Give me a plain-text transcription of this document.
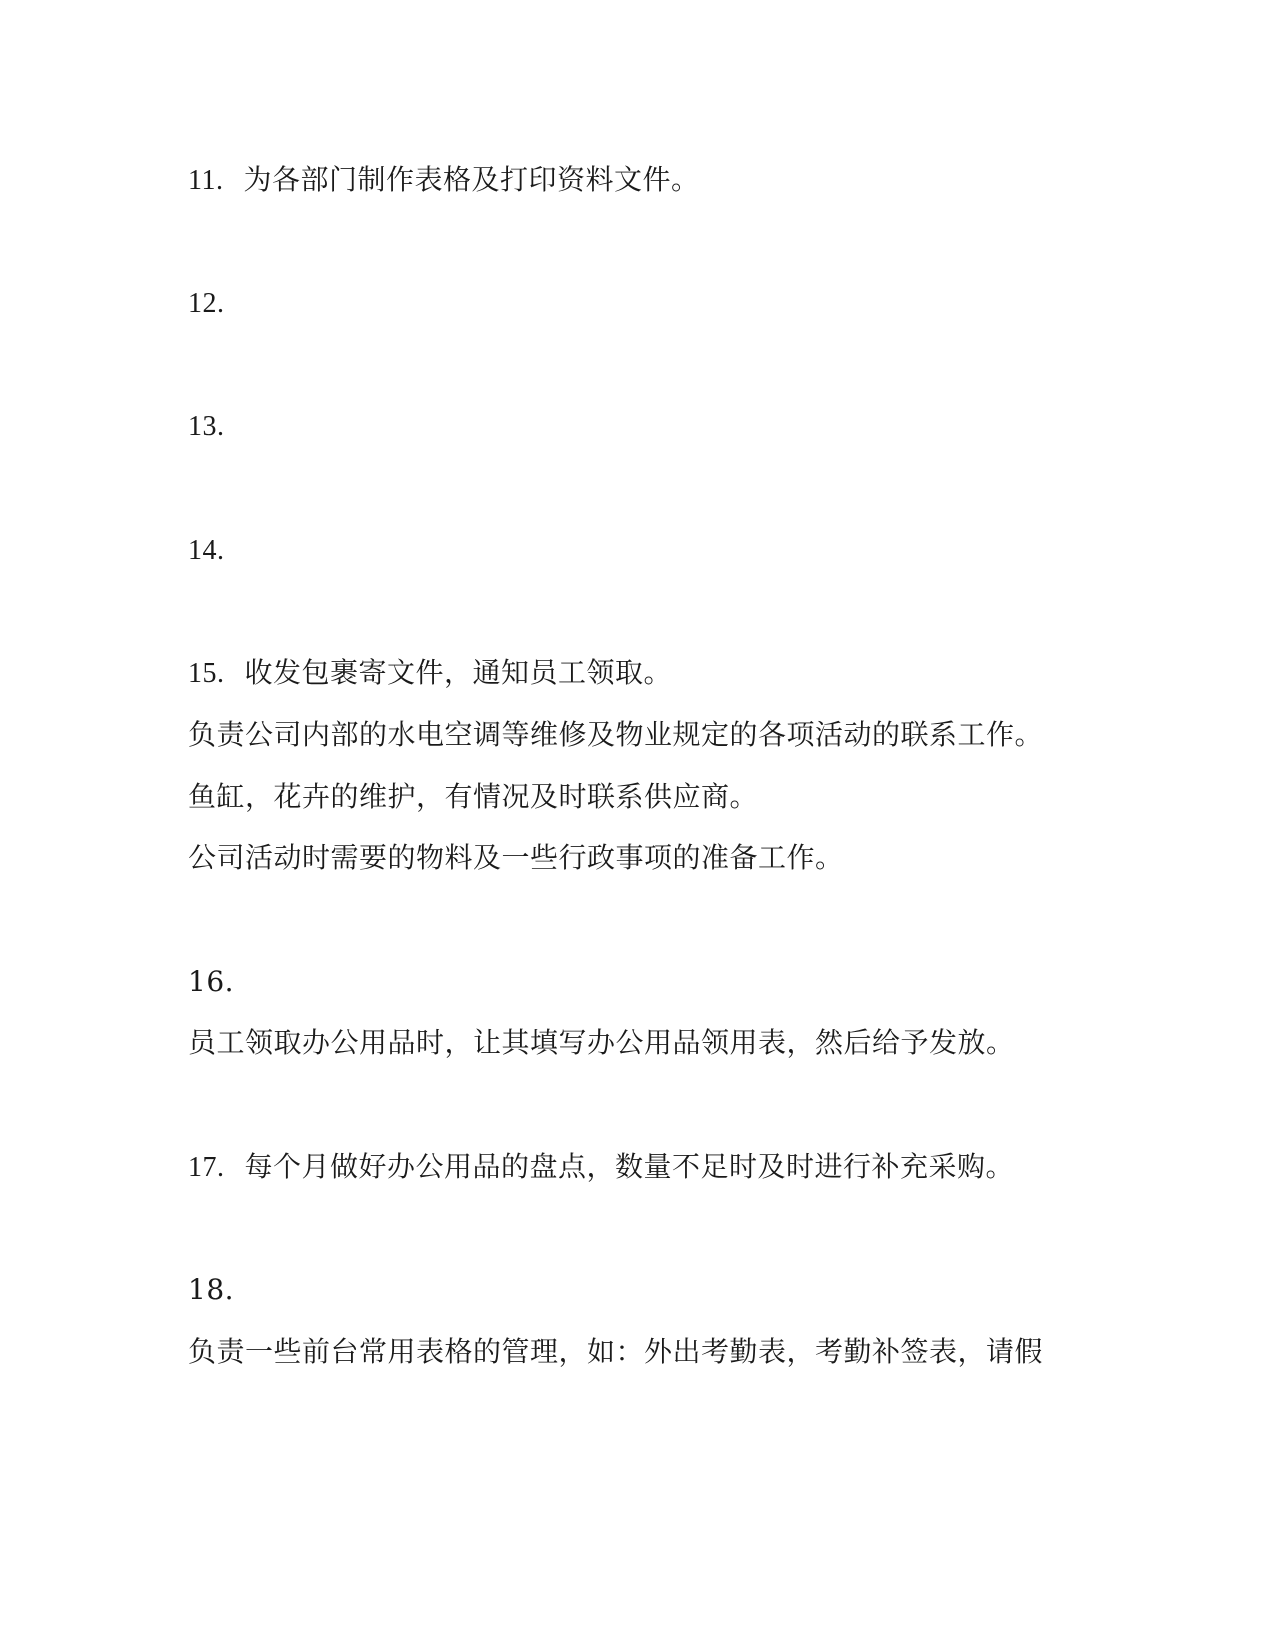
11. 为各部门制作表格及打印资料文件。
12.
13.
14.
15. 收发包裹寄文件，通知员工领取。
负责公司内部的水电空调等维修及物业规定的各项活动的联系工作。
鱼缸，花卉的维护，有情况及时联系供应商。
公司活动时需要的物料及一些行政事项的准备工作。
16.
员工领取办公用品时，让其填写办公用品领用表，然后给予发放。
17. 每个月做好办公用品的盘点，数量不足时及时进行补充采购。
18.
负责一些前台常用表格的管理，如：外出考勤表，考勤补签表，请假
